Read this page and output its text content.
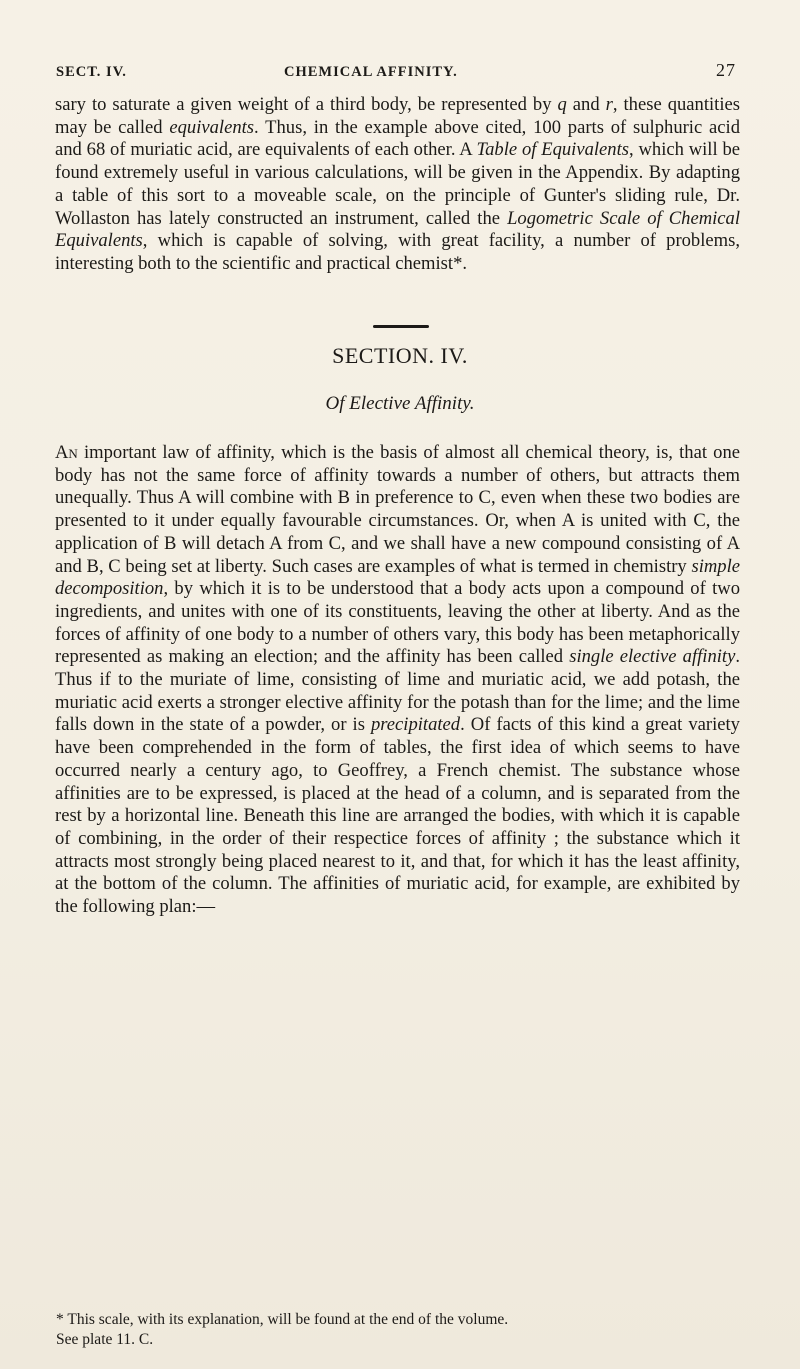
SECT. IV.	CHEMICAL AFFINITY.	27

sary to saturate a given weight of a third body, be represented by q and r, these quantities may be called equivalents. Thus, in the example above cited, 100 parts of sulphuric acid and 68 of muriatic acid, are equivalents of each other. A Table of Equivalents, which will be found extremely useful in various calculations, will be given in the Appendix. By adapting a table of this sort to a moveable scale, on the principle of Gunter's sliding rule, Dr. Wollaston has lately constructed an instrument, called the Logometric Scale of Chemical Equivalents, which is capable of solving, with great facility, a number of problems, interesting both to the scientific and practical chemist*.

SECTION. IV.
Of Elective Affinity.

An important law of affinity, which is the basis of almost all chemical theory, is, that one body has not the same force of affinity towards a number of others, but attracts them unequally. Thus A will combine with B in preference to C, even when these two bodies are presented to it under equally favourable circumstances. Or, when A is united with C, the application of B will detach A from C, and we shall have a new compound consisting of A and B, C being set at liberty. Such cases are examples of what is termed in chemistry simple decomposition, by which it is to be understood that a body acts upon a compound of two ingredients, and unites with one of its constituents, leaving the other at liberty. And as the forces of affinity of one body to a number of others vary, this body has been metaphorically represented as making an election; and the affinity has been called single elective affinity. Thus if to the muriate of lime, consisting of lime and muriatic acid, we add potash, the muriatic acid exerts a stronger elective affinity for the potash than for the lime; and the lime falls down in the state of a powder, or is precipitated. Of facts of this kind a great variety have been comprehended in the form of tables, the first idea of which seems to have occurred nearly a century ago, to Geoffrey, a French chemist. The substance whose affinities are to be expressed, is placed at the head of a column, and is separated from the rest by a horizontal line. Beneath this line are arranged the bodies, with which it is capable of combining, in the order of their respectice forces of affinity ; the substance which it attracts most strongly being placed nearest to it, and that, for which it has the least affinity, at the bottom of the column. The affinities of muriatic acid, for example, are exhibited by the following plan:—

* This scale, with its explanation, will be found at the end of the volume.
See plate 11. C.
